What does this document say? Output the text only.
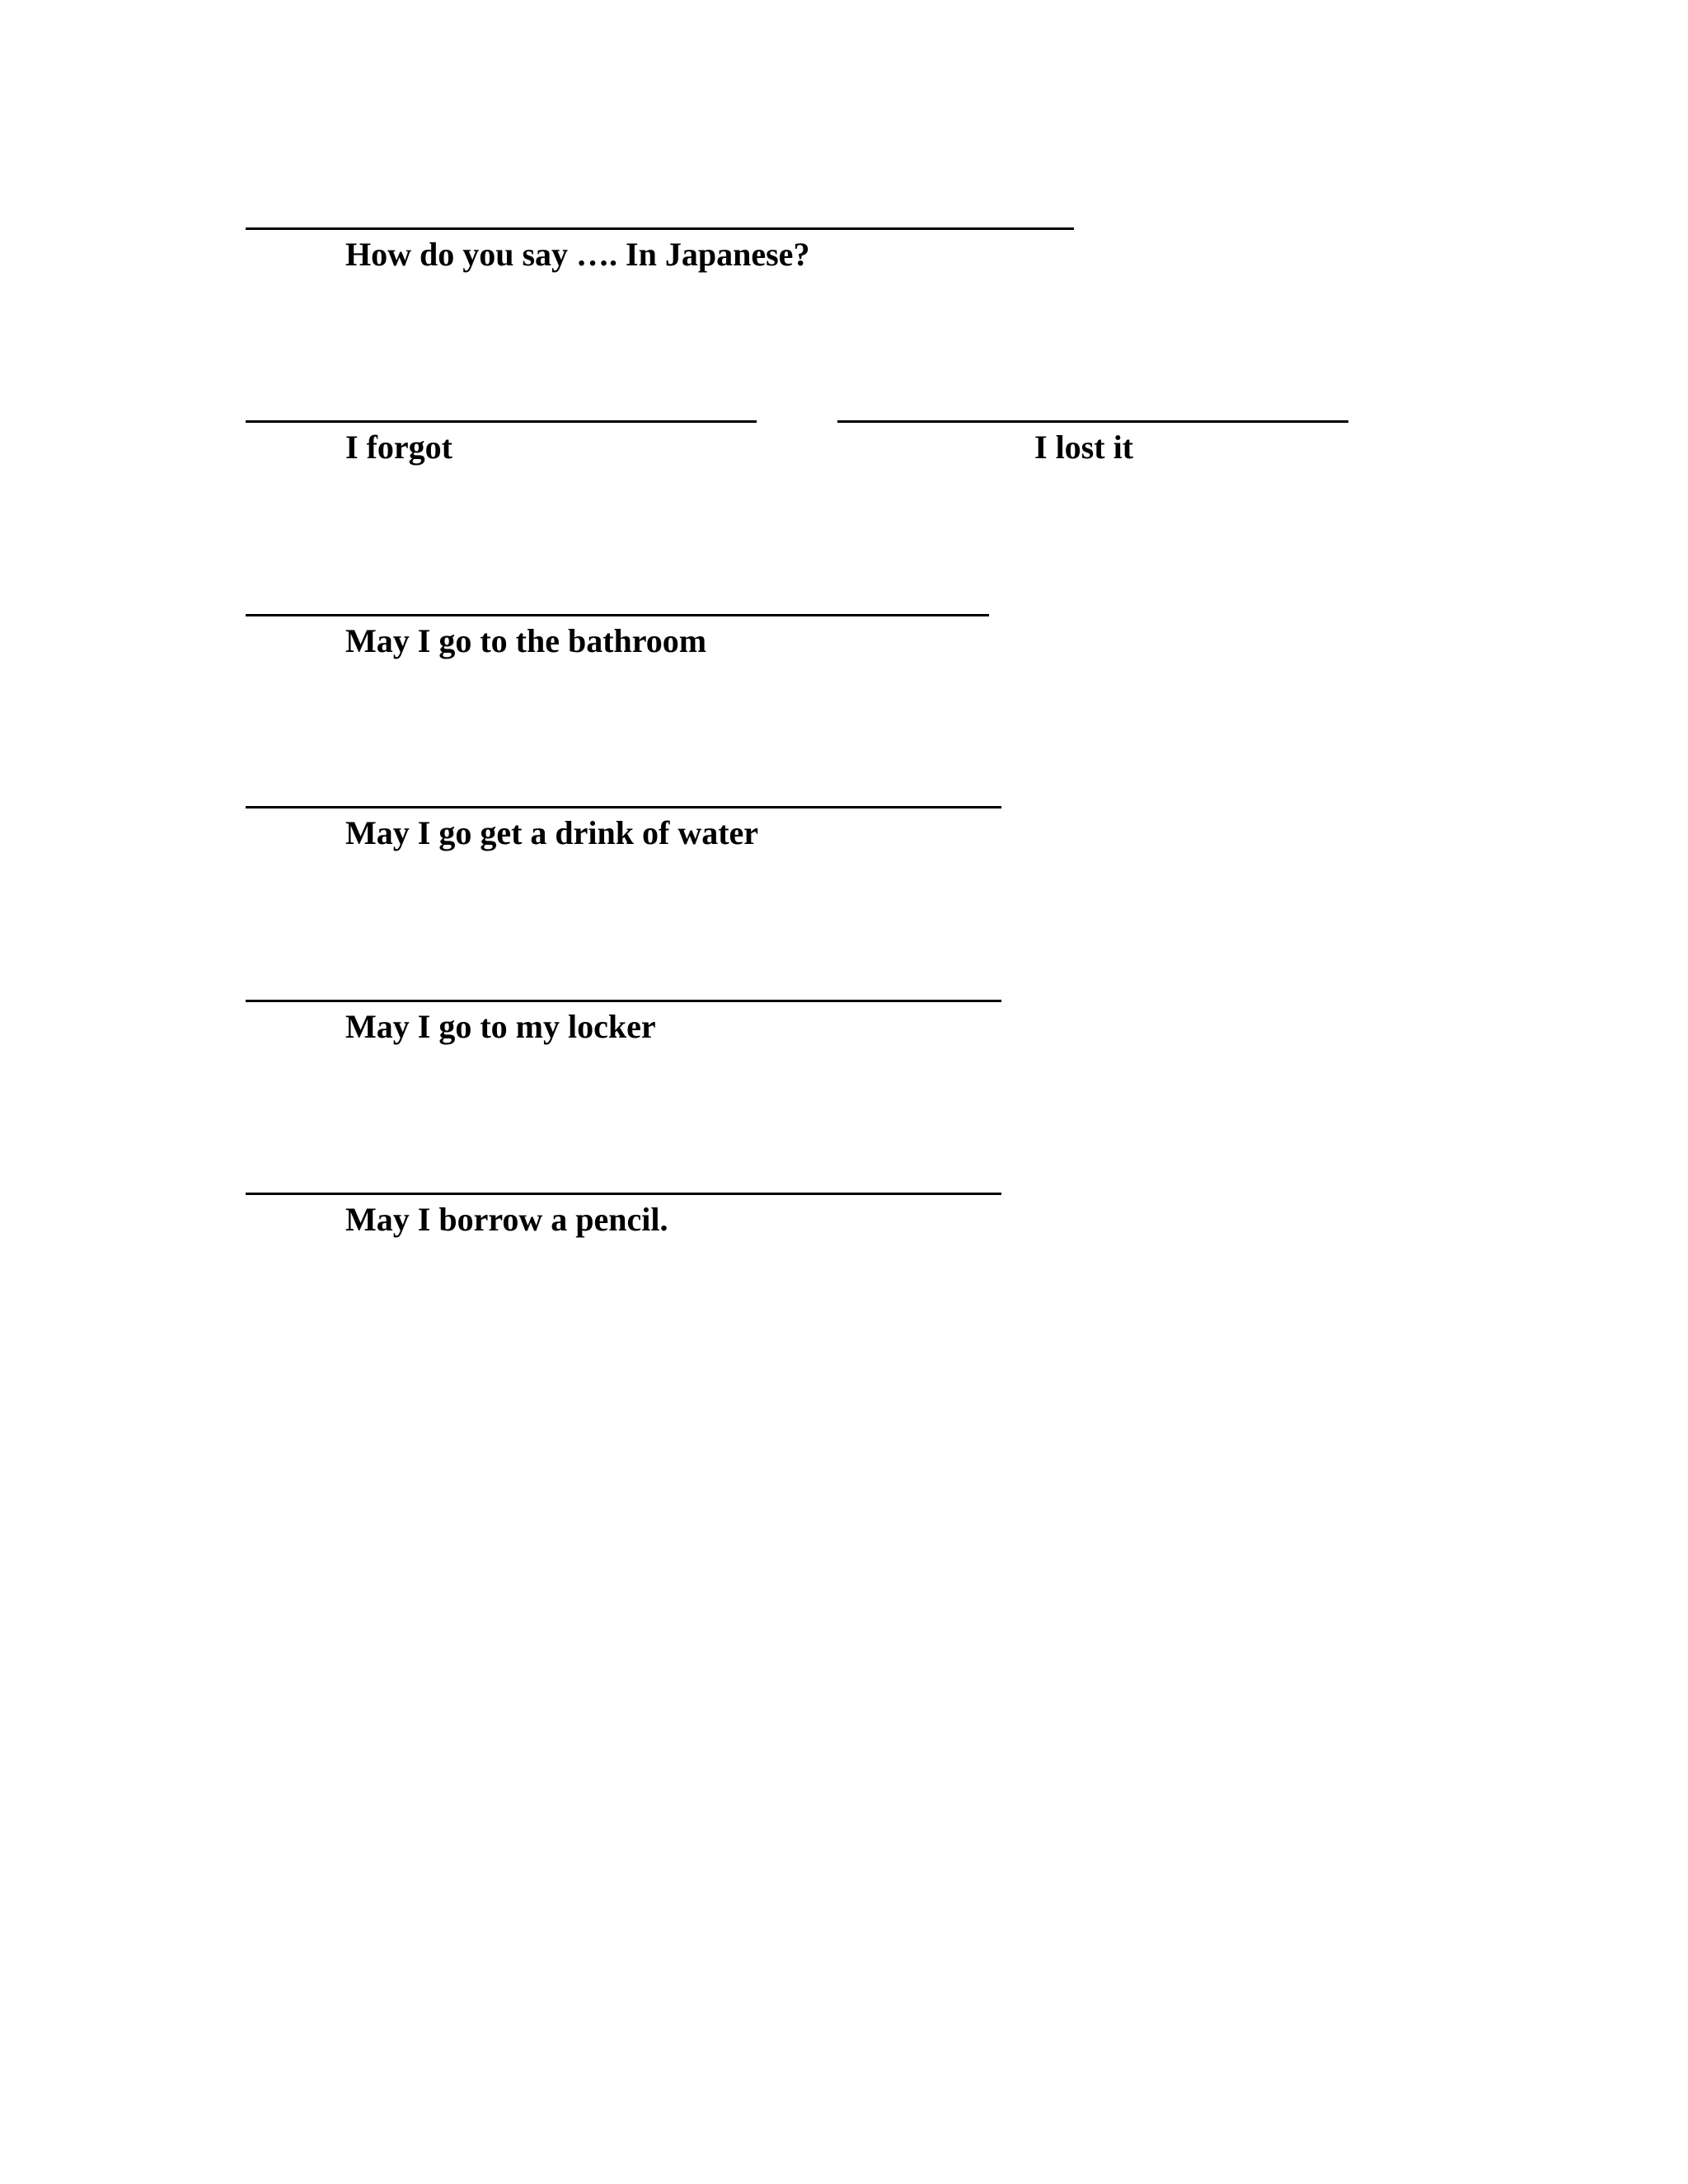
How do you say …. In Japanese?
I forgot	I lost it
May I go to the bathroom
May I go get a drink of water
May I go to my locker
May I borrow a pencil.
